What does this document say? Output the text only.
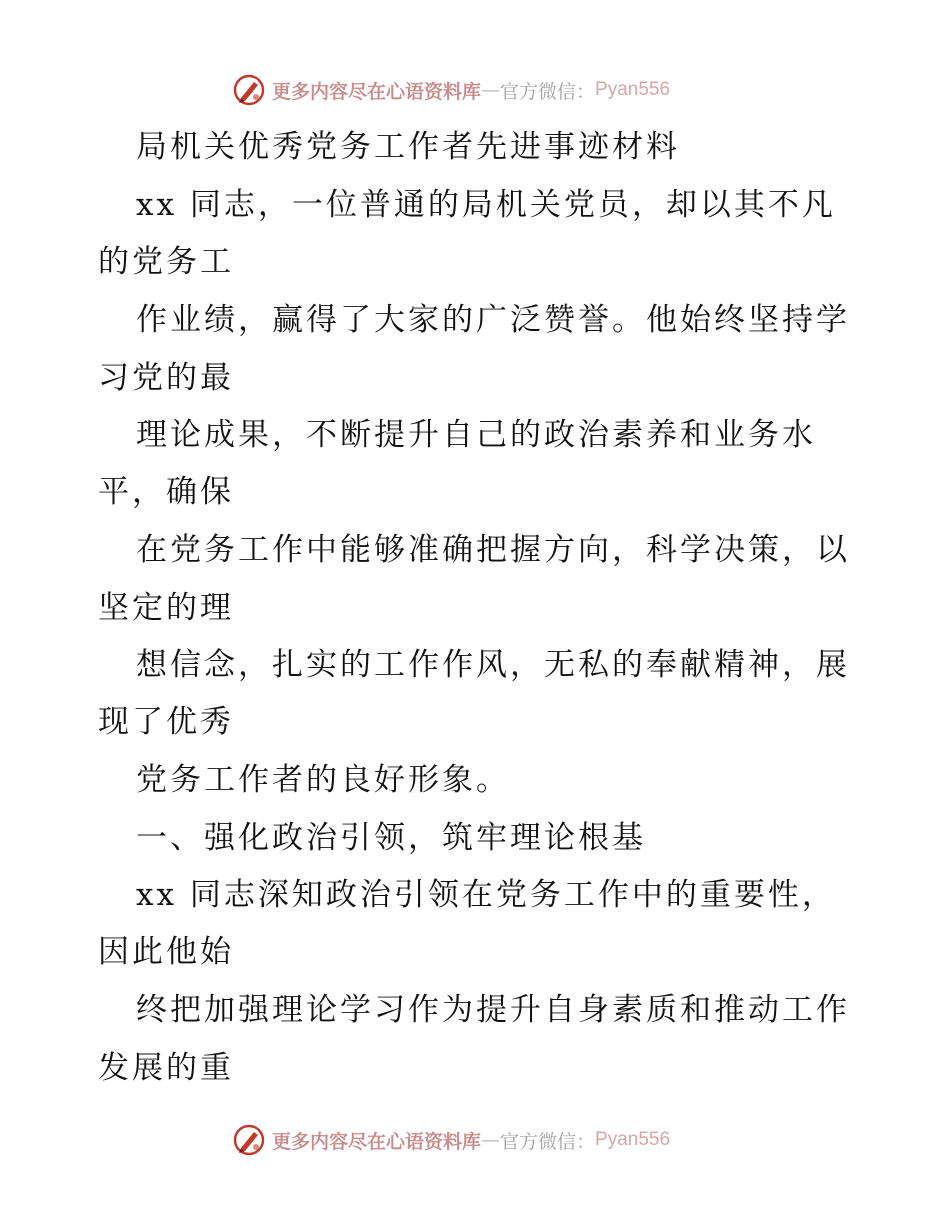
更多内容尽在心语资料库 — 官方微信： Pyan556
局机关优秀党务工作者先进事迹材料
xx 同志，一位普通的局机关党员，却以其不凡
的党务工
作业绩，赢得了大家的广泛赞誉。他始终坚持学
习党的最
理论成果，不断提升自己的政治素养和业务水
平，确保
在党务工作中能够准确把握方向，科学决策，以
坚定的理
想信念，扎实的工作作风，无私的奉献精神，展
现了优秀
党务工作者的良好形象。
一、强化政治引领，筑牢理论根基
xx 同志深知政治引领在党务工作中的重要性，
因此他始
终把加强理论学习作为提升自身素质和推动工作
发展的重
更多内容尽在心语资料库 — 官方微信： Pyan556
